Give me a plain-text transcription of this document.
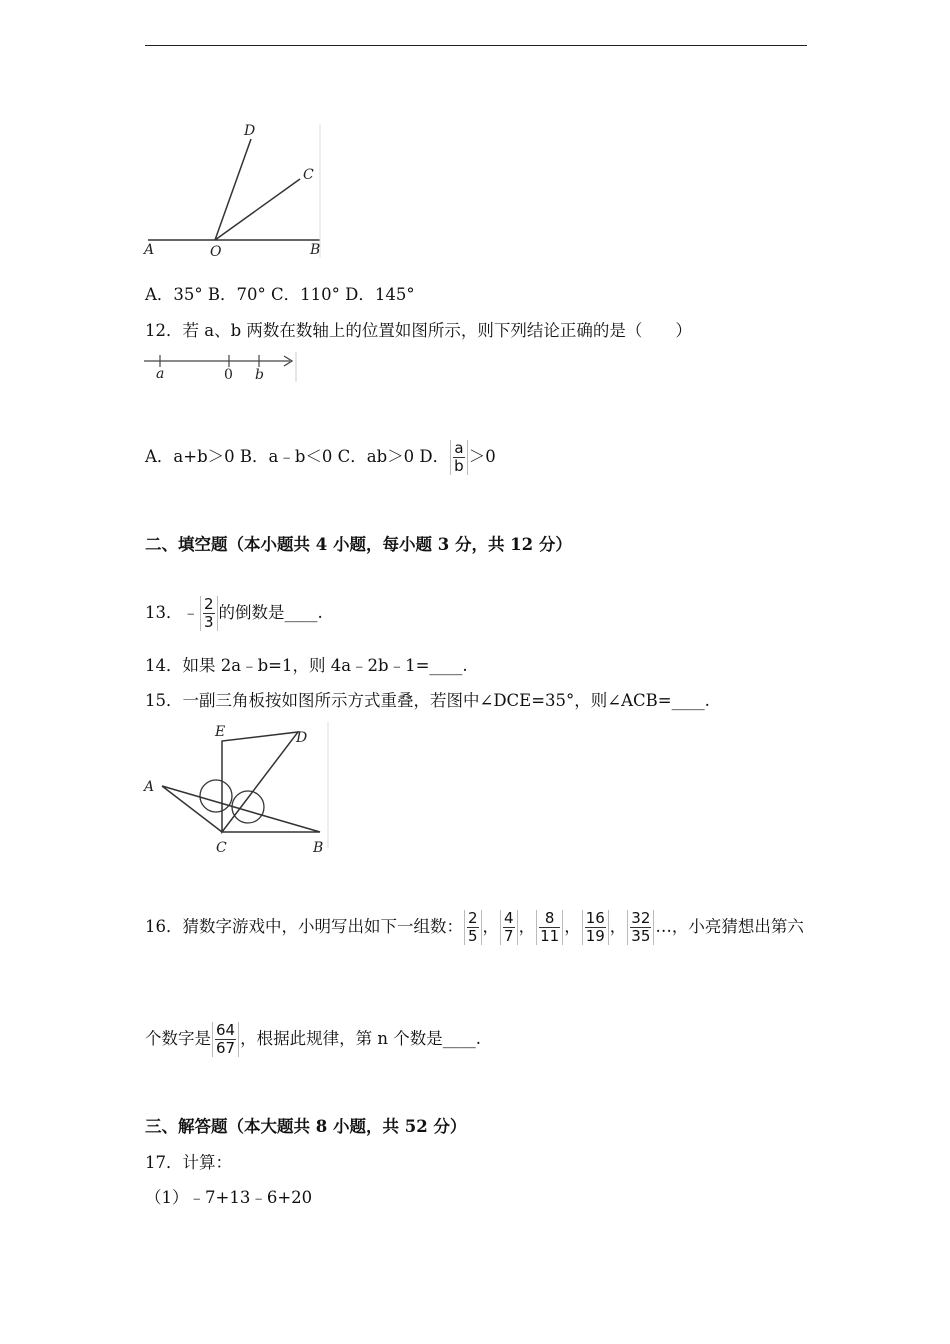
D
C
A	O	B
A．35° B．70° C．110° D．145°
12．若 a、b 两数在数轴上的位置如图所示，则下列结论正确的是（　　）
a	0 b
A．a+b＞0 B．a﹣b＜0 C．ab＞0 D． $\frac{a}{b} >0$
二、填空题（本小题共 4 小题，每小题 3 分，共 12 分）
13．﹣ $\frac{2}{3}$ 的倒数是____.
14．如果 2a﹣b=1，则 4a﹣2b﹣1=____.
15．一副三角板按如图所示方式重叠，若图中∠DCE=35°，则∠ACB=____.
E	D
A
C	B
16．猜数字游戏中，小明写出如下一组数： $\frac{2}{5}$ ， $\frac{4}{7}$ ， $\frac{8}{11}$ ， $\frac{16}{19}$ ， $\frac{32}{35}$ …，小亮猜想出第六
个数字是 $\frac{64}{67}$ ，根据此规律，第 n 个数是____.
三、解答题（本大题共 8 小题，共 52 分）
17．计算：
（1）﹣7+13﹣6+20
